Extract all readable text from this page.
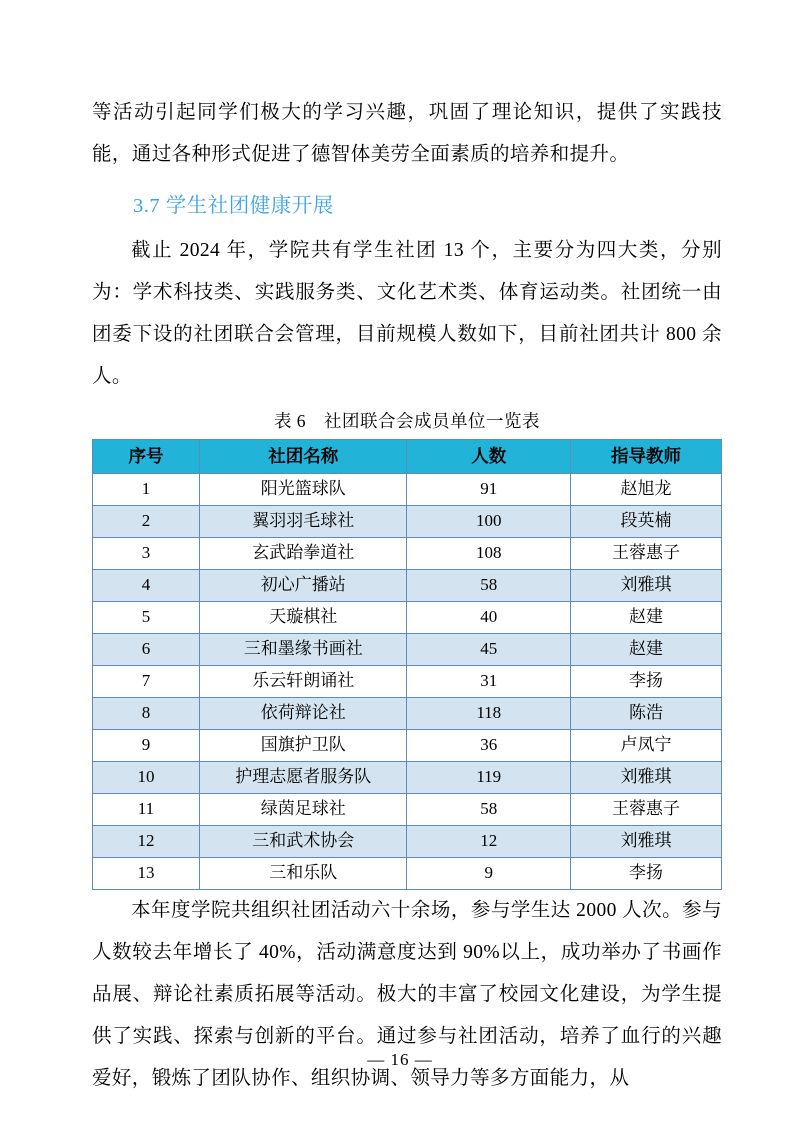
等活动引起同学们极大的学习兴趣，巩固了理论知识，提供了实践技能，通过各种形式促进了德智体美劳全面素质的培养和提升。

3.7 学生社团健康开展

截止 2024 年，学院共有学生社团 13 个，主要分为四大类，分别为：学术科技类、实践服务类、文化艺术类、体育运动类。社团统一由团委下设的社团联合会管理，目前规模人数如下，目前社团共计 800 余人。

表 6　社团联合会成员单位一览表
序号	社团名称	人数	指导教师
1	阳光篮球队	91	赵旭龙
2	翼羽羽毛球社	100	段英楠
3	玄武跆拳道社	108	王蓉惠子
4	初心广播站	58	刘雅琪
5	天璇棋社	40	赵建
6	三和墨缘书画社	45	赵建
7	乐云轩朗诵社	31	李扬
8	依荷辩论社	118	陈浩
9	国旗护卫队	36	卢凤宁
10	护理志愿者服务队	119	刘雅琪
11	绿茵足球社	58	王蓉惠子
12	三和武术协会	12	刘雅琪
13	三和乐队	9	李扬

本年度学院共组织社团活动六十余场，参与学生达 2000 人次。参与人数较去年增长了 40%，活动满意度达到 90%以上，成功举办了书画作品展、辩论社素质拓展等活动。极大的丰富了校园文化建设，为学生提供了实践、探索与创新的平台。通过参与社团活动，培养了血行的兴趣爱好，锻炼了团队协作、组织协调、领导力等多方面能力，从

— 16 —
